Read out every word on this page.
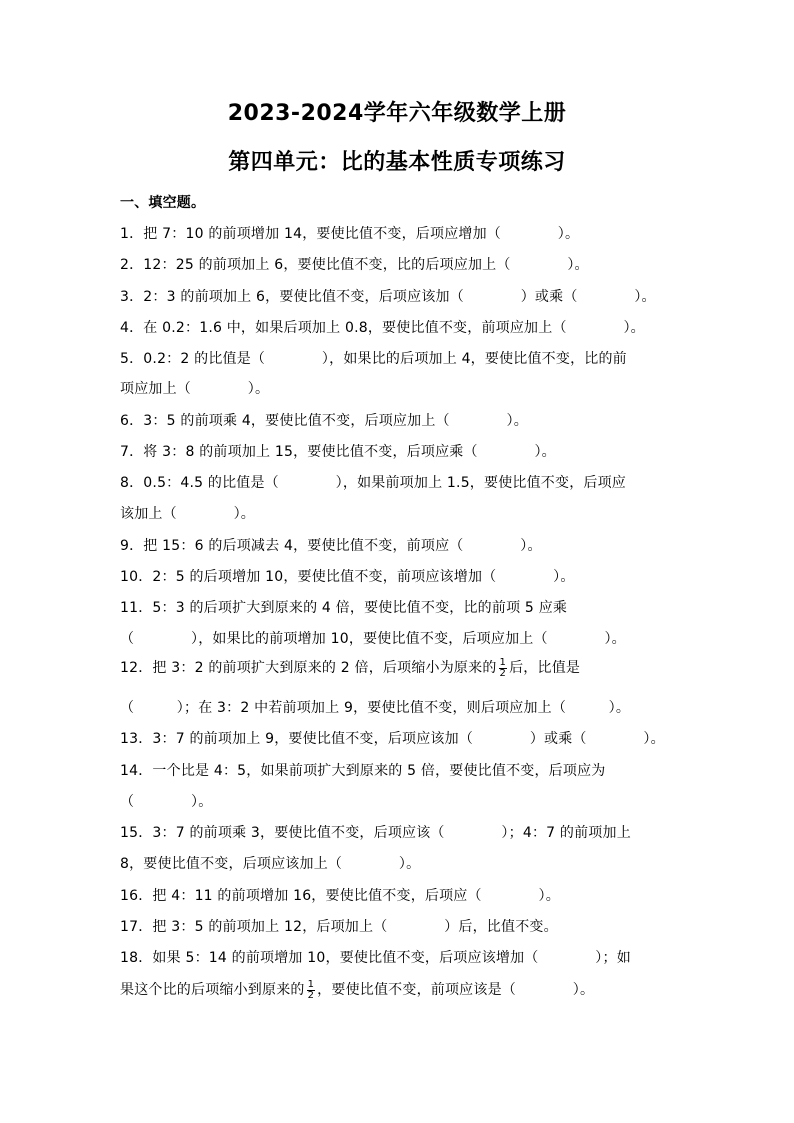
2023-2024学年六年级数学上册
第四单元：比的基本性质专项练习
一、填空题。
1．把 7：10 的前项增加 14，要使比值不变，后项应增加（　　　　）。
2．12：25 的前项加上 6，要使比值不变，比的后项应加上（　　　　）。
3．2：3 的前项加上 6，要使比值不变，后项应该加（　　　　）或乘（　　　　）。
4．在 0.2：1.6 中，如果后项加上 0.8，要使比值不变，前项应加上（　　　　）。
5．0.2：2 的比值是（　　　　），如果比的后项加上 4，要使比值不变，比的前
项应加上（　　　　）。
6．3：5 的前项乘 4，要使比值不变，后项应加上（　　　　）。
7．将 3：8 的前项加上 15，要使比值不变，后项应乘（　　　　）。
8．0.5：4.5 的比值是（　　　　），如果前项加上 1.5，要使比值不变，后项应
该加上（　　　　）。
9．把 15：6 的后项减去 4，要使比值不变，前项应（　　　　）。
10．2：5 的后项增加 10，要使比值不变，前项应该增加（　　　　）。
11．5：3 的后项扩大到原来的 4 倍，要使比值不变，比的前项 5 应乘
（　　　　），如果比的前项增加 10，要使比值不变，后项应加上（　　　　）。
12．把 3：2 的前项扩大到原来的 2 倍，后项缩小为原来的 $\frac{1}{2}$ 后，比值是
（　　　）；在 3：2 中若前项加上 9，要使比值不变，则后项应加上（　　　）。
13．3：7 的前项加上 9，要使比值不变，后项应该加（　　　　）或乘（　　　　）。
14．一个比是 4：5，如果前项扩大到原来的 5 倍，要使比值不变，后项应为
（　　　　）。
15．3：7 的前项乘 3，要使比值不变，后项应该（　　　　）；4：7 的前项加上
8，要使比值不变，后项应该加上（　　　　）。
16．把 4：11 的前项增加 16，要使比值不变，后项应（　　　　）。
17．把 3：5 的前项加上 12，后项加上（　　　　）后，比值不变。
18．如果 5：14 的前项增加 10，要使比值不变，后项应该增加（　　　　）；如
果这个比的后项缩小到原来的 $\frac{1}{2}$ ，要使比值不变，前项应该是（　　　　）。
